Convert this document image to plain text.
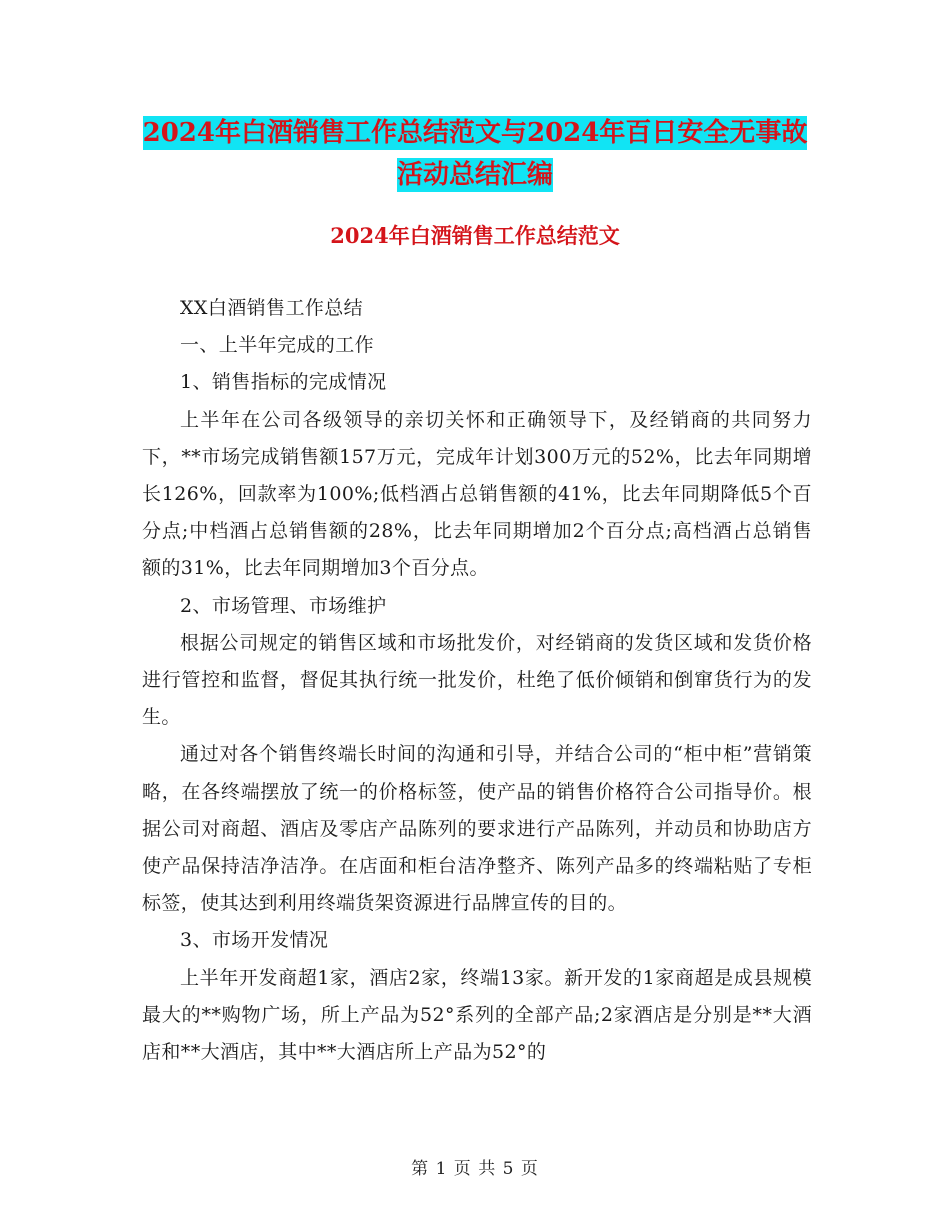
2024年白酒销售工作总结范文与2024年百日安全无事故活动总结汇编
2024年白酒销售工作总结范文

XX白酒销售工作总结

一、上半年完成的工作

1、销售指标的完成情况

上半年在公司各级领导的亲切关怀和正确领导下，及经销商的共同努力下，**市场完成销售额157万元，完成年计划300万元的52%，比去年同期增长126%，回款率为100%;低档酒占总销售额的41%，比去年同期降低5个百分点;中档酒占总销售额的28%，比去年同期增加2个百分点;高档酒占总销售额的31%，比去年同期增加3个百分点。

2、市场管理、市场维护

根据公司规定的销售区域和市场批发价，对经销商的发货区域和发货价格进行管控和监督，督促其执行统一批发价，杜绝了低价倾销和倒窜货行为的发生。

通过对各个销售终端长时间的沟通和引导，并结合公司的“柜中柜”营销策略，在各终端摆放了统一的价格标签，使产品的销售价格符合公司指导价。根据公司对商超、酒店及零店产品陈列的要求进行产品陈列，并动员和协助店方使产品保持洁净洁净。在店面和柜台洁净整齐、陈列产品多的终端粘贴了专柜标签，使其达到利用终端货架资源进行品牌宣传的目的。

3、市场开发情况

上半年开发商超1家，酒店2家，终端13家。新开发的1家商超是成县规模最大的**购物广场，所上产品为52°系列的全部产品;2家酒店是分别是**大酒店和**大酒店，其中**大酒店所上产品为52°的

第 1 页 共 5 页
